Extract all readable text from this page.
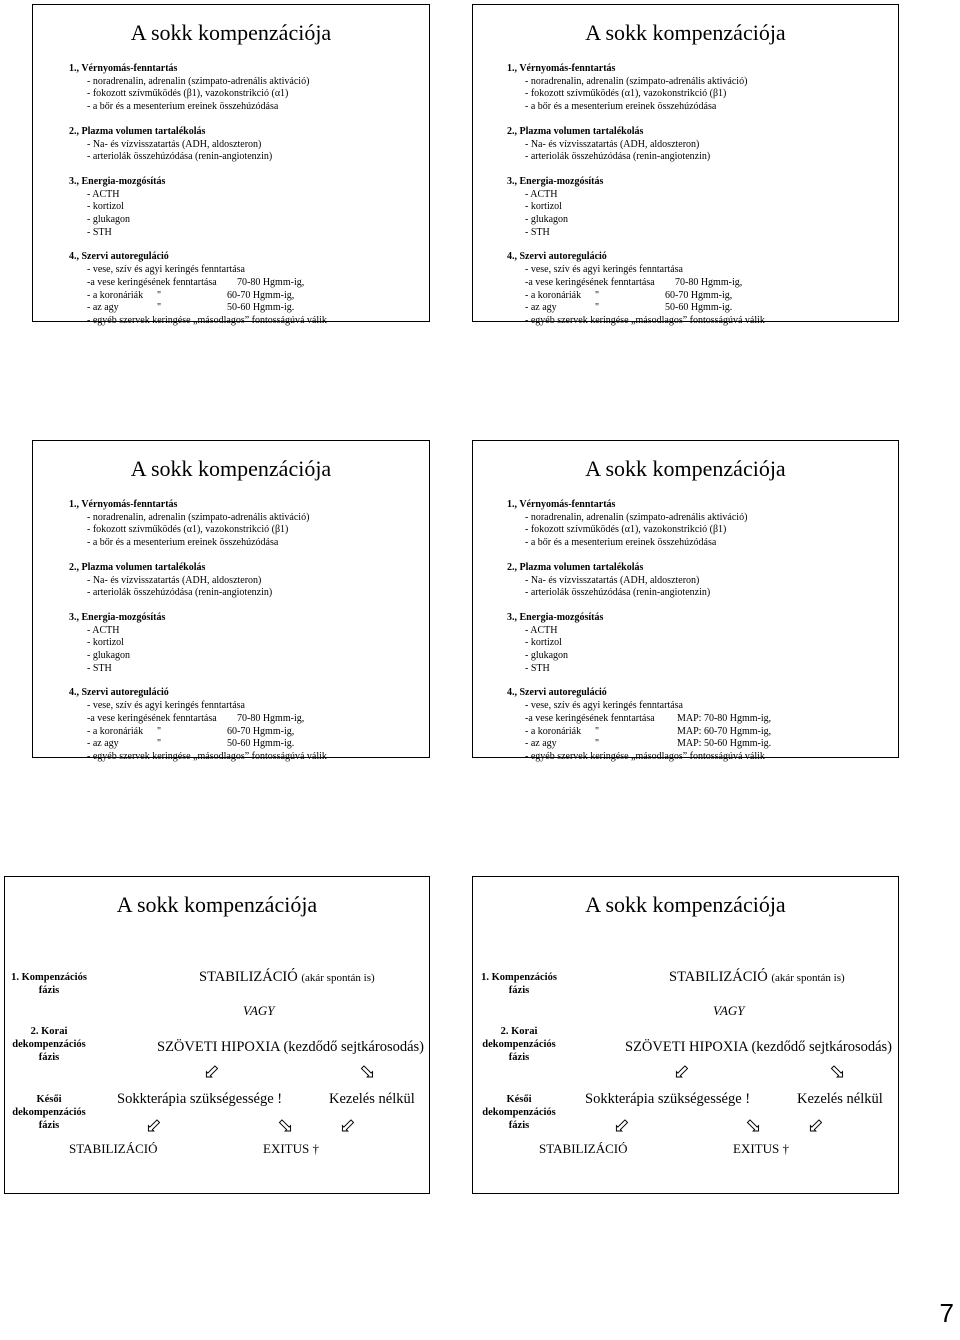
A sokk kompenzációja
1., Vérnyomás-fenntartás
- noradrenalin, adrenalin (szimpato-adrenális aktiváció)
- fokozott szívműködés (β1), vazokonstrikció (α1)
- a bőr és a mesenterium ereinek összehúzódása
2., Plazma volumen tartalékolás
- Na- és vízvisszatartás (ADH, aldoszteron)
- arteriolák összehúzódása (renin-angiotenzin)
3., Energia-mozgósítás
- ACTH
- kortizol
- glukagon
- STH
4., Szervi autoreguláció
- vese, szív és agyi keringés fenntartása
-a vese keringésének fenntartása 70-80 Hgmm-ig,
- a koronáriák "	60-70 Hgmm-ig,
- az agy	"	50-60 Hgmm-ig.
- egyéb szervek keringése „másodlagos” fontosságúvá válik
A sokk kompenzációja
1., Vérnyomás-fenntartás
- noradrenalin, adrenalin (szimpato-adrenális aktiváció)
- fokozott szívműködés (α1), vazokonstrikció (β1)
- a bőr és a mesenterium ereinek összehúzódása
2., Plazma volumen tartalékolás
- Na- és vízvisszatartás (ADH, aldoszteron)
- arteriolák összehúzódása (renin-angiotenzin)
3., Energia-mozgósítás
- ACTH
- kortizol
- glukagon
- STH
4., Szervi autoreguláció
- vese, szív és agyi keringés fenntartása
-a vese keringésének fenntartása 70-80 Hgmm-ig,
- a koronáriák "	60-70 Hgmm-ig,
- az agy	"	50-60 Hgmm-ig.
- egyéb szervek keringése „másodlagos” fontosságúvá válik
A sokk kompenzációja
1., Vérnyomás-fenntartás
- noradrenalin, adrenalin (szimpato-adrenális aktiváció)
- fokozott szívműködés (α1), vazokonstrikció (β1)
- a bőr és a mesenterium ereinek összehúzódása
2., Plazma volumen tartalékolás
- Na- és vízvisszatartás (ADH, aldoszteron)
- arteriolák összehúzódása (renin-angiotenzin)
3., Energia-mozgósítás
- ACTH
- kortizol
- glukagon
- STH
4., Szervi autoreguláció
- vese, szív és agyi keringés fenntartása
-a vese keringésének fenntartása 70-80 Hgmm-ig,
- a koronáriák "	60-70 Hgmm-ig,
- az agy	"	50-60 Hgmm-ig.
- egyéb szervek keringése „másodlagos” fontosságúvá válik
A sokk kompenzációja
1., Vérnyomás-fenntartás
- noradrenalin, adrenalin (szimpato-adrenális aktiváció)
- fokozott szívműködés (α1), vazokonstrikció (β1)
- a bőr és a mesenterium ereinek összehúzódása
2., Plazma volumen tartalékolás
- Na- és vízvisszatartás (ADH, aldoszteron)
- arteriolák összehúzódása (renin-angiotenzin)
3., Energia-mozgósítás
- ACTH
- kortizol
- glukagon
- STH
4., Szervi autoreguláció
- vese, szív és agyi keringés fenntartása
-a vese keringésének fenntartása MAP: 70-80 Hgmm-ig,
- a koronáriák "	MAP: 60-70 Hgmm-ig,
- az agy	"	MAP: 50-60 Hgmm-ig.
- egyéb szervek keringése „másodlagos” fontosságúvá válik
A sokk kompenzációja
1. Kompenzációs fázis
2. Korai dekompenzációs fázis
Késői dekompenzációs fázis
STABILIZÁCIÓ (akár spontán is)
VAGY
SZÖVETI HIPOXIA (kezdődő sejtkárosodás)
⬃	⬂
Sokkterápia szükségessége !	Kezelés nélkül
⬃	⬂ ⬃
STABILIZÁCIÓ	EXITUS †
A sokk kompenzációja
1. Kompenzációs fázis
2. Korai dekompenzációs fázis
Késői dekompenzációs fázis
STABILIZÁCIÓ (akár spontán is)
VAGY
SZÖVETI HIPOXIA (kezdődő sejtkárosodás)
⬃	⬂
Sokkterápia szükségessége !	Kezelés nélkül
⬃	⬂ ⬃
STABILIZÁCIÓ	EXITUS †
7
